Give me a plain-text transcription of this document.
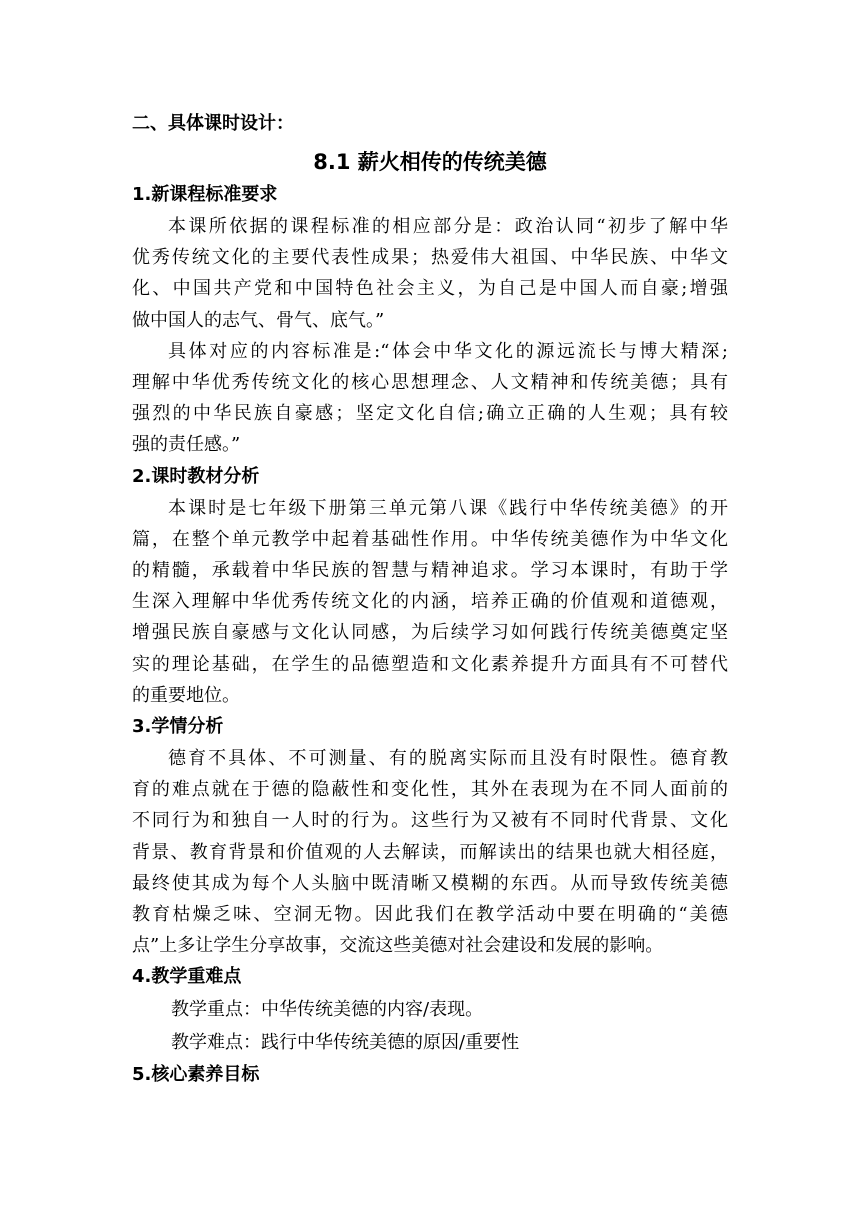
二、具体课时设计：
8.1 薪火相传的传统美德
1.新课程标准要求

本课所依据的课程标准的相应部分是：政治认同“初步了解中华
优秀传统文化的主要代表性成果；热爱伟大祖国、中华民族、中华文
化、中国共产党和中国特色社会主义，为自己是中国人而自豪;增强
做中国人的志气、骨气、底气。”

具体对应的内容标准是:“体会中华文化的源远流长与博大精深;
理解中华优秀传统文化的核心思想理念、人文精神和传统美德；具有
强烈的中华民族自豪感；坚定文化自信;确立正确的人生观；具有较
强的责任感。”

2.课时教材分析

本课时是七年级下册第三单元第八课《践行中华传统美德》的开
篇，在整个单元教学中起着基础性作用。中华传统美德作为中华文化
的精髓，承载着中华民族的智慧与精神追求。学习本课时，有助于学
生深入理解中华优秀传统文化的内涵，培养正确的价值观和道德观，
增强民族自豪感与文化认同感，为后续学习如何践行传统美德奠定坚
实的理论基础，在学生的品德塑造和文化素养提升方面具有不可替代
的重要地位。

3.学情分析

德育不具体、不可测量、有的脱离实际而且没有时限性。德育教
育的难点就在于德的隐蔽性和变化性，其外在表现为在不同人面前的
不同行为和独自一人时的行为。这些行为又被有不同时代背景、文化
背景、教育背景和价值观的人去解读，而解读出的结果也就大相径庭，
最终使其成为每个人头脑中既清晰又模糊的东西。从而导致传统美德
教育枯燥乏味、空洞无物。因此我们在教学活动中要在明确的“美德
点”上多让学生分享故事，交流这些美德对社会建设和发展的影响。

4.教学重难点
教学重点：中华传统美德的内容/表现。
教学难点：践行中华传统美德的原因/重要性
5.核心素养目标
